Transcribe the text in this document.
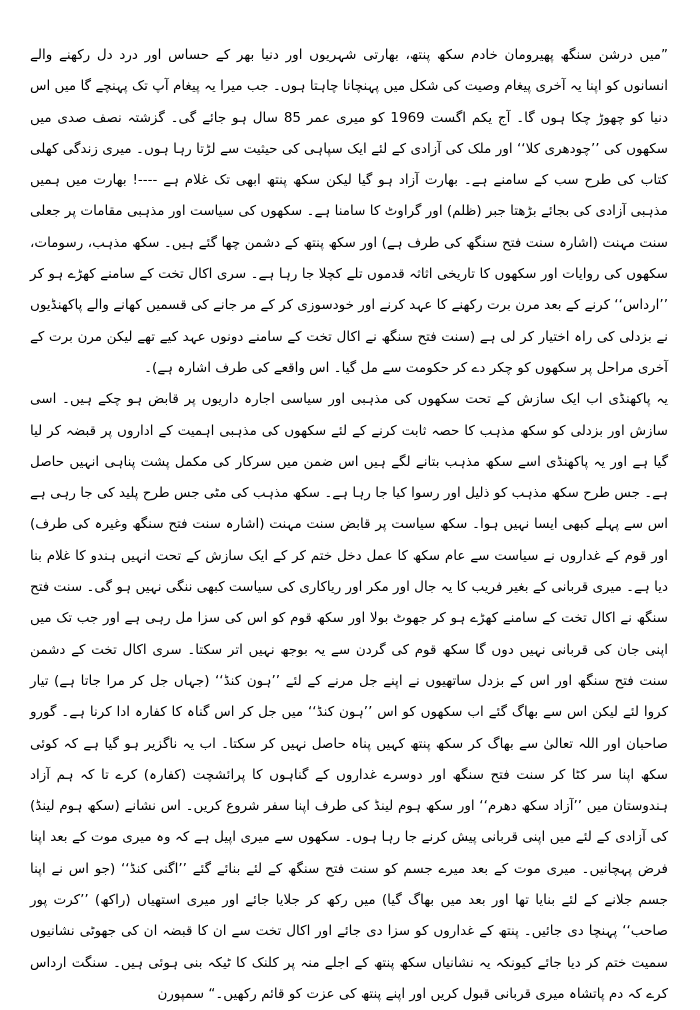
”میں درشن سنگھ پھیرومان خادم سکھ پنتھ، بھارتی شہریوں اور دنیا بھر کے حساس اور درد دل رکھنے والے انسانوں کو اپنا یہ آخری پیغام وصیت کی شکل میں پہنچانا چاہتا ہوں۔ جب میرا یہ پیغام آپ تک پہنچے گا میں اس دنیا کو چھوڑ چکا ہوں گا۔ آج یکم اگست 1969 کو میری عمر 85 سال ہو جائے گی۔ گزشتہ نصف صدی میں سکھوں کی ’’چودھری کلا‘‘ اور ملک کی آزادی کے لئے ایک سپاہی کی حیثیت سے لڑتا رہا ہوں۔ میری زندگی کھلی کتاب کی طرح سب کے سامنے ہے۔ بھارت آزاد ہو گیا لیکن سکھ پنتھ ابھی تک غلام ہے ----! بھارت میں ہمیں مذہبی آزادی کی بجائے بڑھتا جبر (ظلم) اور گراوٹ کا سامنا ہے۔ سکھوں کی سیاست اور مذہبی مقامات پر جعلی سنت مہنت (اشارہ سنت فتح سنگھ کی طرف ہے) اور سکھ پنتھ کے دشمن چھا گئے ہیں۔ سکھ مذہب، رسومات، سکھوں کی روایات اور سکھوں کا تاریخی اثاثہ قدموں تلے کچلا جا رہا ہے۔ سری اکال تخت کے سامنے کھڑے ہو کر ’’ارداس‘‘ کرنے کے بعد مرن برت رکھنے کا عہد کرنے اور خودسوزی کر کے مر جانے کی قسمیں کھانے والے پاکھنڈیوں نے بزدلی کی راہ اختیار کر لی ہے (سنت فتح سنگھ نے اکال تخت کے سامنے دونوں عہد کیے تھے لیکن مرن برت کے آخری مراحل پر سکھوں کو چکر دے کر حکومت سے مل گیا۔ اس واقعے کی طرف اشارہ ہے)۔

یہ پاکھنڈی اب ایک سازش کے تحت سکھوں کی مذہبی اور سیاسی اجارہ داریوں پر قابض ہو چکے ہیں۔ اسی سازش اور بزدلی کو سکھ مذہب کا حصہ ثابت کرنے کے لئے سکھوں کی مذہبی اہمیت کے اداروں پر قبضہ کر لیا گیا ہے اور یہ پاکھنڈی اسے سکھ مذہب بتانے لگے ہیں اس ضمن میں سرکار کی مکمل پشت پناہی انہیں حاصل ہے۔ جس طرح سکھ مذہب کو ذلیل اور رسوا کیا جا رہا ہے۔ سکھ مذہب کی مٹی جس طرح پلید کی جا رہی ہے اس سے پہلے کبھی ایسا نہیں ہوا۔ سکھ سیاست پر قابض سنت مہنت (اشارہ سنت فتح سنگھ وغیرہ کی طرف) اور قوم کے غداروں نے سیاست سے عام سکھ کا عمل دخل ختم کر کے ایک سازش کے تحت انہیں ہندو کا غلام بنا دیا ہے۔ میری قربانی کے بغیر فریب کا یہ جال اور مکر اور ریاکاری کی سیاست کبھی ننگی نہیں ہو گی۔ سنت فتح سنگھ نے اکال تخت کے سامنے کھڑے ہو کر جھوٹ بولا اور سکھ قوم کو اس کی سزا مل رہی ہے اور جب تک میں اپنی جان کی قربانی نہیں دوں گا سکھ قوم کی گردن سے یہ بوجھ نہیں اتر سکتا۔ سری اکال تخت کے دشمن سنت فتح سنگھ اور اس کے بزدل ساتھیوں نے اپنے جل مرنے کے لئے ’’ہون کنڈ‘‘ (جہاں جل کر مرا جاتا ہے) تیار کروا لئے لیکن اس سے بھاگ گئے اب سکھوں کو اس ’’ہون کنڈ‘‘ میں جل کر اس گناہ کا کفارہ ادا کرنا ہے۔ گورو صاحبان اور اللہ تعالیٰ سے بھاگ کر سکھ پنتھ کہیں پناہ حاصل نہیں کر سکتا۔ اب یہ ناگزیر ہو گیا ہے کہ کوئی سکھ اپنا سر کٹا کر سنت فتح سنگھ اور دوسرے غداروں کے گناہوں کا پرائشچت (کفارہ) کرے تا کہ ہم آزاد ہندوستان میں ’’آزاد سکھ دھرم‘‘ اور سکھ ہوم لینڈ کی طرف اپنا سفر شروع کریں۔ اس نشانے (سکھ ہوم لینڈ) کی آزادی کے لئے میں اپنی قربانی پیش کرنے جا رہا ہوں۔ سکھوں سے میری اپیل ہے کہ وہ میری موت کے بعد اپنا فرض پہچانیں۔ میری موت کے بعد میرے جسم کو سنت فتح سنگھ کے لئے بنائے گئے ’’اگنی کنڈ‘‘ (جو اس نے اپنا جسم جلانے کے لئے بنایا تھا اور بعد میں بھاگ گیا) میں رکھ کر جلایا جائے اور میری استھیاں (راکھ) ’’کرت پور صاحب‘‘ پہنچا دی جائیں۔ پنتھ کے غداروں کو سزا دی جائے اور اکال تخت سے ان کا قبضہ ان کی جھوٹی نشانیوں سمیت ختم کر دیا جائے کیونکہ یہ نشانیاں سکھ پنتھ کے اجلے منہ پر کلنک کا ٹیکہ بنی ہوئی ہیں۔ سنگت ارداس کرے کہ دم پاتشاہ میری قربانی قبول کریں اور اپنے پنتھ کی عزت کو قائم رکھیں۔“ سمپورن
